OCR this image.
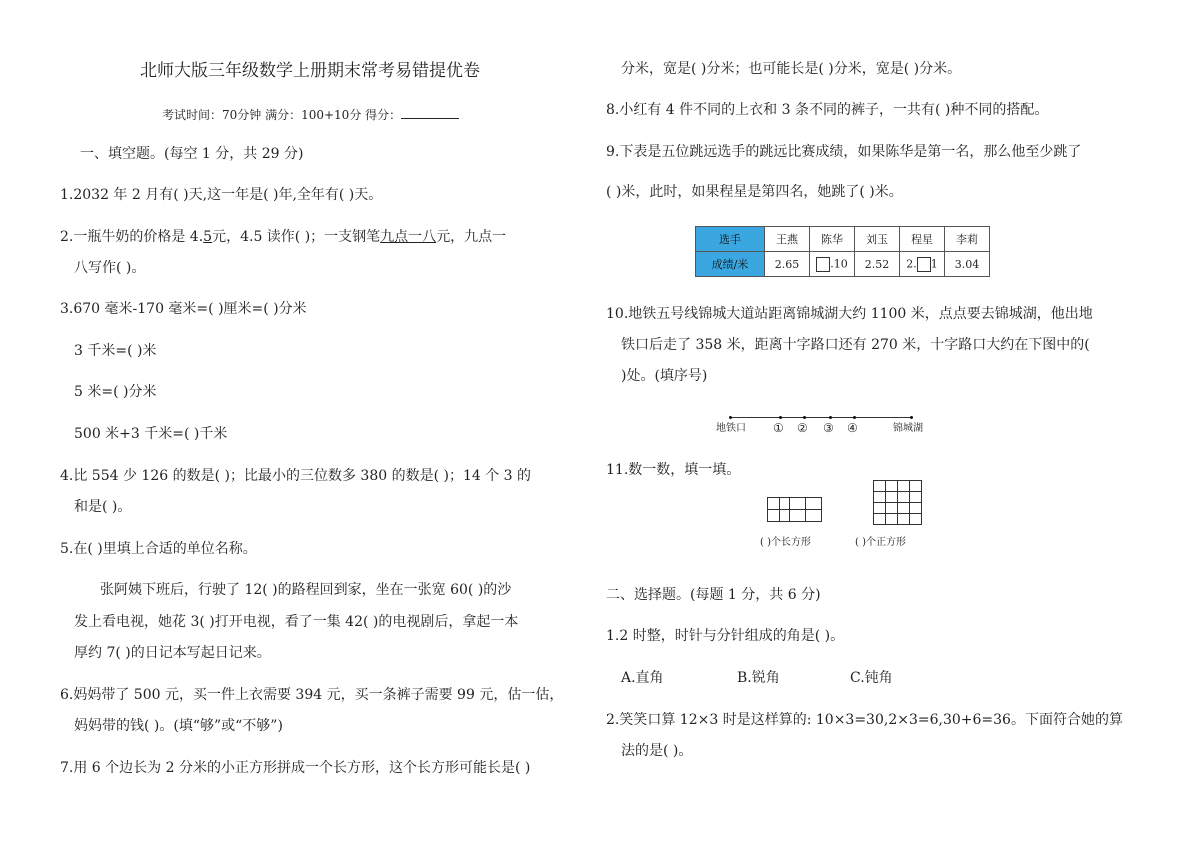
北师大版三年级数学上册期末常考易错提优卷
考试时间：70分钟 满分：100+10分 得分：
一、填空题。(每空 1 分，共 29 分)
1.2032 年 2 月有( )天,这一年是( )年,全年有( )天。
2.一瓶牛奶的价格是 4.5元，4.5 读作( )；一支钢笔九点一八元，九点一
八写作( )。
3.670 毫米-170 毫米=( )厘米=( )分米
3 千米=( )米
5 米=( )分米
500 米+3 千米=( )千米
4.比 554 少 126 的数是( )；比最小的三位数多 380 的数是( )；14 个 3 的
和是( )。
5.在( )里填上合适的单位名称。
张阿姨下班后，行驶了 12( )的路程回到家，坐在一张宽 60( )的沙
发上看电视，她花 3( )打开电视，看了一集 42( )的电视剧后，拿起一本
厚约 7( )的日记本写起日记来。
6.妈妈带了 500 元，买一件上衣需要 394 元，买一条裤子需要 99 元，估一估，
妈妈带的钱( )。(填“够”或“不够”)
7.用 6 个边长为 2 分米的小正方形拼成一个长方形，这个长方形可能长是( )
分米，宽是( )分米；也可能长是( )分米，宽是( )分米。
8.小红有 4 件不同的上衣和 3 条不同的裤子，一共有( )种不同的搭配。
9.下表是五位跳远选手的跳远比赛成绩，如果陈华是第一名，那么他至少跳了
( )米，此时，如果程星是第四名，她跳了( )米。
选手	王燕	陈华	刘玉	程星	李莉
成绩/米	2.65	.10	2.52	2. 1	3.04
10.地铁五号线锦城大道站距离锦城湖大约 1100 米，点点要去锦城湖，他出地
铁口后走了 358 米，距离十字路口还有 270 米，十字路口大约在下图中的(
)处。(填序号)
地铁口 ① ② ③ ④	锦城湖
11.数一数，填一填。
( )个长方形	( )个正方形
二、选择题。(每题 1 分，共 6 分)
1.2 时整，时针与分针组成的角是( )。
A.直角	B.锐角	C.钝角
2.笑笑口算 12×3 时是这样算的: 10×3=30,2×3=6,30+6=36。下面符合她的算
法的是( )。
